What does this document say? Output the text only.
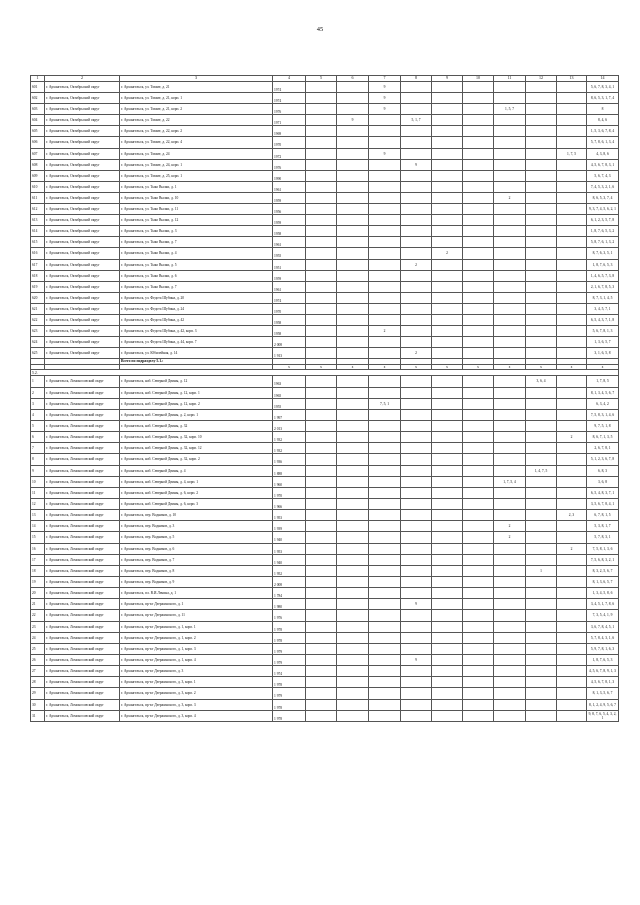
45
1	2	3	4	5	6	7	8	9	10	11	12	13	14
601	г. Архангельск, Октябрьский округ	г. Архангельск, ул. Тимме, д. 21	1974			9							5, 6, 7, 8, 3, 4, 1
602	г. Архангельск, Октябрьский округ	г. Архангельск, ул. Тимме, д. 21, корп. 1	1974			9							8, 6, 5, 3, 1, 7, 4
603	г. Архангельск, Октябрьский округ	г. Архангельск, ул. Тимме, д. 21, корп. 2	1976			9				1, 5, 7			8
604	г. Архангельск, Октябрьский округ	г. Архангельск, ул. Тимме, д. 22	1971		9		5, 1, 7						8, 4, 6
605	г. Архангельск, Октябрьский округ	г. Архангельск, ул. Тимме, д. 22, корп. 2	1969										1, 5, 3, 6, 7, 8, 4
606	г. Архангельск, Октябрьский округ	г. Архангельск, ул. Тимме, д. 22, корп. 4	1970										5, 7, 8, 6, 1, 3, 4
607	г. Архангельск, Октябрьский округ	г. Архангельск, ул. Тимме, д. 24	1972			9						1, 7, 5	4, 3, 8, 6
608	г. Архангельск, Октябрьский округ	г. Архангельск, ул. Тимме, д. 24, корп. 1	1976				9						4, 5, 6, 7, 8, 3, 1
609	г. Архангельск, Октябрьский округ	г. Архангельск, ул. Тимме, д. 25, корп. 1	1990										5, 6, 7, 4, 3
610	г. Архангельск, Октябрьский округ	г. Архангельск, ул. Тыко Вылки, д. 1	1961										7, 4, 5, 3, 2, 1, 6
611	г. Архангельск, Октябрьский округ	г. Архангельск, ул. Тыко Вылки, д. 10	1959							2			8, 6, 5, 3, 7, 4
612	г. Архангельск, Октябрьский округ	г. Архангельск, ул. Тыко Вылки, д. 11	1956										9, 3, 7, 4, 5, 6, 2, 1
613	г. Архангельск, Октябрьский округ	г. Архангельск, ул. Тыко Вылки, д. 12	1959										6, 1, 2, 3, 5, 7, 8
614	г. Архангельск, Октябрьский округ	г. Архангельск, ул. Тыко Вылки, д. 3	1958										1, 8, 7, 6, 5, 3, 2
615	г. Архангельск, Октябрьский округ	г. Архангельск, ул. Тыко Вылки, д. 7	1961										5, 8, 7, 6, 1, 3, 2
616	г. Архангельск, Октябрьский округ	г. Архангельск, ул. Тыко Вылки, д. 4	1955					2					8, 7, 6, 3, 5, 1
617	г. Архангельск, Октябрьский округ	г. Архангельск, ул. Тыко Вылки, д. 5	1951				2						1, 8, 7, 6, 5, 3
618	г. Архангельск, Октябрьский округ	г. Архангельск, ул. Тыко Вылки, д. 6	1959										1, 4, 6, 5, 7, 3, 8
619	г. Архангельск, Октябрьский округ	г. Архангельск, ул. Тыко Вылки, д. 7	1961										2, 1, 6, 7, 8, 5, 3
620	г. Архангельск, Октябрьский округ	г. Архангельск, ул. Федота Шубина, д. 20	1974										8, 7, 3, 1, 4, 5
621	г. Архангельск, Октябрьский округ	г. Архангельск, ул. Федота Шубина, д. 24	1970										3, 4, 5, 7, 1
622	г. Архангельск, Октябрьский округ	г. Архангельск, ул. Федота Шубина, д. 42	1958										6, 5, 4, 3, 7, 1, 8
623	г. Архангельск, Октябрьский округ	г. Архангельск, ул. Федота Шубина, д. 42, корп. 3	1958			2							5, 6, 7, 8, 1, 3
624	г. Архангельск, Октябрьский округ	г. Архангельск, ул. Федота Шубина, д. 44, корп. 7	2 008										1, 3, 6, 5, 7
625	г. Архангельск, Октябрьский округ	г. Архангельск, ул. Юбилейная, д. 14	1 913				2						3, 1, 6, 5, 8
		Всего по подразделу 5.1.:											
			x	x	x	x	x	x	x	x	x	x	x
5.2.													
1	г. Архангельск, Ломоносовский округ	г. Архангельск, наб. Северной Двины, д. 12	1963								3, 6, 4		1, 7, 8, 5
2	г. Архангельск, Ломоносовский округ	г. Архангельск, наб. Северной Двины, д. 12, корп. 1	1965										8, 1, 3, 4, 5, 6, 7
3	г. Архангельск, Ломоносовский округ	г. Архангельск, наб. Северной Двины, д. 12, корп. 2	1955			7, 5, 1							6, 3, 4, 2
4	г. Архангельск, Ломоносовский округ	г. Архангельск, наб. Северной Двины, д. 2, корп. 1	1 997										7, 5, 8, 3, 1, 4, 6
5	г. Архангельск, Ломоносовский округ	г. Архангельск, наб. Северной Двины, д. 32	2 013										9, 7, 5, 1, 8
6	г. Архангельск, Ломоносовский округ	г. Архангельск, наб. Северной Двины, д. 32, корп. 10	1 932									2	8, 6, 7, 1, 3, 5
7	г. Архангельск, Ломоносовский округ	г. Архангельск, наб. Северной Двины, д. 32, корп. 12	1 932										2, 6, 7, 8, 1
8	г. Архангельск, Ломоносовский округ	г. Архангельск, наб. Северной Двины, д. 32, корп. 2	1 936										5, 1, 2, 3, 6, 7, 8
9	г. Архангельск, Ломоносовский округ	г. Архангельск, наб. Северной Двины, д. 4	1 888								1, 4, 7, 5		6, 8, 3
10	г. Архангельск, Ломоносовский округ	г. Архангельск, наб. Северной Двины, д. 4, корп. 1	1 960							1, 7, 5, 4			3, 6, 8
11	г. Архангельск, Ломоносовский округ	г. Архангельск, наб. Северной Двины, д. 6, корп. 2	1 970										6, 5, 4, 8, 3, 7, 1
12	г. Архангельск, Ломоносовский округ	г. Архангельск, наб. Северной Двины, д. 6, корп. 3	1 966										3, 5, 6, 7, 8, 4, 1
13	г. Архангельск, Ломоносовский округ	г. Архангельск, пер. Водников, д. 10	1 953									2, 3	6, 7, 8, 1, 5
14	г. Архангельск, Ломоносовский округ	г. Архангельск, пер. Водников, д. 3	1 939							2			5, 3, 8, 1, 7
15	г. Архангельск, Ломоносовский округ	г. Архангельск, пер. Водников, д. 5	1 940							2			5, 7, 8, 3, 1
16	г. Архангельск, Ломоносовский округ	г. Архангельск, пер. Водников, д. 6	1 953									2	7, 5, 8, 1, 3, 6
17	г. Архангельск, Ломоносовский округ	г. Архангельск, пер. Водников, д. 7	1 940										7, 5, 6, 8, 3, 2, 1
18	г. Архангельск, Ломоносовский округ	г. Архангельск, пер. Водников, д. 8	1 952								1		8, 3, 2, 5, 6, 7
19	г. Архангельск, Ломоносовский округ	г. Архангельск, пер. Водников, д. 9	2 008										8, 1, 3, 6, 5, 7
20	г. Архангельск, Ломоносовский округ	г. Архангельск, пл. В.И.Ленина, д. 1	1 784										1, 3, 4, 5, 8, 6
21	г. Архангельск, Ломоносовский округ	г. Архангельск, пр-кт Дзержинского, д. 1	1 980				9						3, 4, 5, 1, 7, 8, 6
22	г. Архангельск, Ломоносовский округ	г. Архангельск, пр-кт Дзержинского, д. 11	1 976										7, 3, 5, 4, 1, 9
23	г. Архангельск, Ломоносовский округ	г. Архангельск, пр-кт Дзержинского, д. 1, корп. 1	1 978										3, 6, 7, 8, 4, 5, 1
24	г. Архангельск, Ломоносовский округ	г. Архангельск, пр-кт Дзержинского, д. 1, корп. 2	1 978										5, 7, 8, 4, 3, 1, 6
25	г. Архангельск, Ломоносовский округ	г. Архангельск, пр-кт Дзержинского, д. 1, корп. 3	1 979										5, 9, 7, 8, 1, 6, 3
26	г. Архангельск, Ломоносовский округ	г. Архангельск, пр-кт Дзержинского, д. 1, корп. 4	1 979				9						1, 8, 7, 6, 5, 3
27	г. Архангельск, Ломоносовский округ	г. Архангельск, пр-кт Дзержинского, д. 3	1 974										4, 5, 6, 7, 8, 9, 1, 3
28	г. Архангельск, Ломоносовский округ	г. Архангельск, пр-кт Дзержинского, д. 3, корп. 1	1 978										4, 5, 6, 7, 8, 1, 3
29	г. Архангельск, Ломоносовский округ	г. Архангельск, пр-кт Дзержинского, д. 3, корп. 2	1 979										8, 1, 3, 5, 6, 7
30	г. Архангельск, Ломоносовский округ	г. Архангельск, пр-кт Дзержинского, д. 3, корп. 3	1 978										8, 1, 2, 4, 9, 5, 6, 7
31	г. Архангельск, Ломоносовский округ	г. Архангельск, пр-кт Дзержинского, д. 3, корп. 4	1 978										9, 8, 7, 6, 5, 4, 3, 2, 1
